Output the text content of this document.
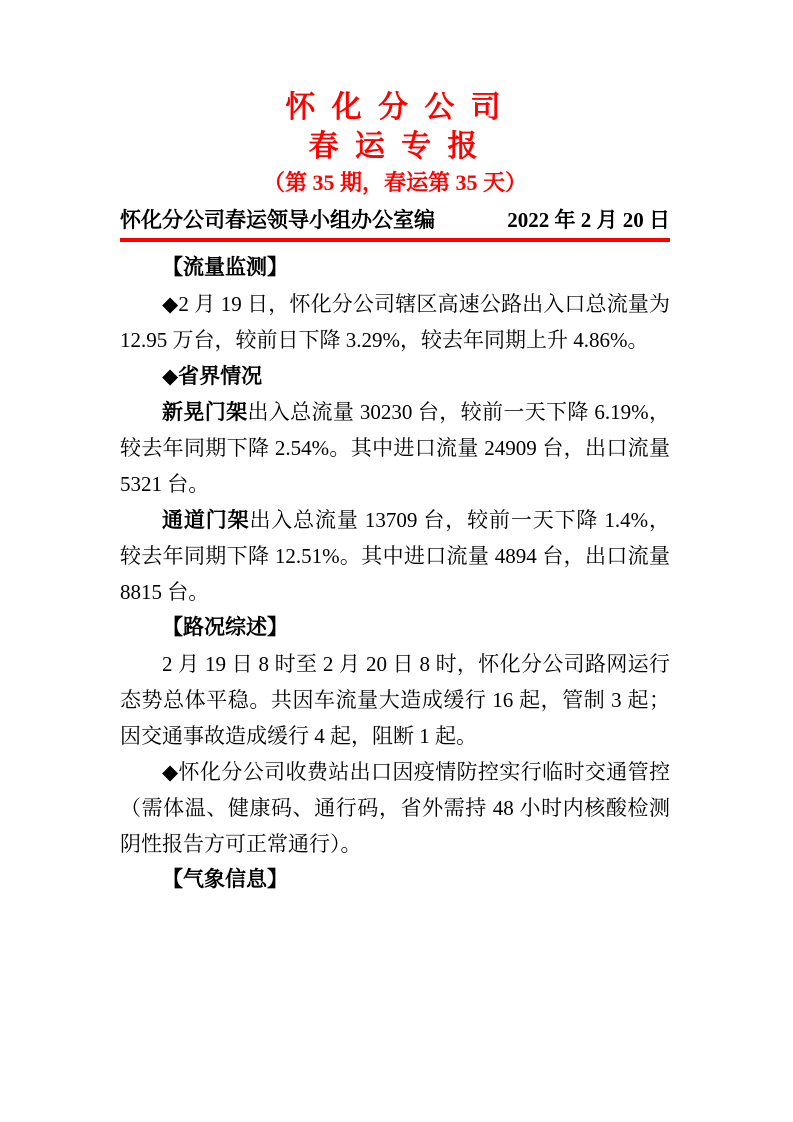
怀 化 分 公 司
春 运 专 报
（第 35 期，春运第 35 天）
怀化分公司春运领导小组办公室编	2022 年 2 月 20 日

【流量监测】

◆2 月 19 日，怀化分公司辖区高速公路出入口总流量为 12.95 万台，较前日下降 3.29%，较去年同期上升 4.86%。

◆省界情况

新晃门架出入总流量 30230 台，较前一天下降 6.19%，较去年同期下降 2.54%。其中进口流量 24909 台，出口流量 5321 台。

通道门架出入总流量 13709 台，较前一天下降 1.4%，较去年同期下降 12.51%。其中进口流量 4894 台，出口流量 8815 台。

【路况综述】

2 月 19 日 8 时至 2 月 20 日 8 时，怀化分公司路网运行态势总体平稳。共因车流量大造成缓行 16 起，管制 3 起；因交通事故造成缓行 4 起，阻断 1 起。

◆怀化分公司收费站出口因疫情防控实行临时交通管控（需体温、健康码、通行码，省外需持 48 小时内核酸检测阴性报告方可正常通行）。

【气象信息】
